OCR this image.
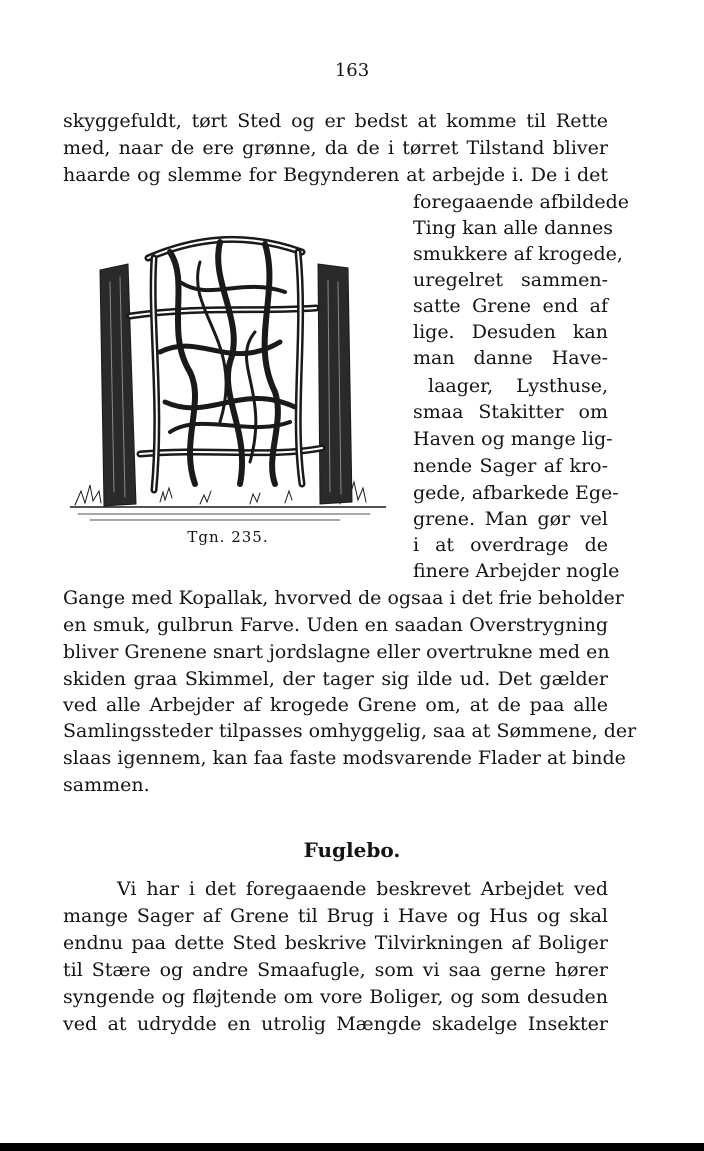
163
skyggefuldt, tørt Sted og er bedst at komme til Rette
med, naar de ere grønne, da de i tørret Tilstand bliver
haarde og slemme for Begynderen at arbejde i. De i det
foregaaende afbildede
Ting kan alle dannes
smukkere af krogede,
uregelret sammen-
satte Grene end af
lige. Desuden kan
man danne Have-
laager, Lysthuse,
smaa Stakitter om
Haven og mange lig-
nende Sager af kro-
gede, afbarkede Ege-
grene. Man gør vel
i at overdrage de
finere Arbejder nogle
Tgn. 235.
Gange med Kopallak, hvorved de ogsaa i det frie beholder
en smuk, gulbrun Farve. Uden en saadan Overstrygning
bliver Grenene snart jordslagne eller overtrukne med en
skiden graa Skimmel, der tager sig ilde ud. Det gælder
ved alle Arbejder af krogede Grene om, at de paa alle
Samlingssteder tilpasses omhyggelig, saa at Sømmene, der
slaas igennem, kan faa faste modsvarende Flader at binde
sammen.
Fuglebo.
Vi har i det foregaaende beskrevet Arbejdet ved
mange Sager af Grene til Brug i Have og Hus og skal
endnu paa dette Sted beskrive Tilvirkningen af Boliger
til Stære og andre Smaafugle, som vi saa gerne hører
syngende og fløjtende om vore Boliger, og som desuden
ved at udrydde en utrolig Mængde skadelge Insekter
